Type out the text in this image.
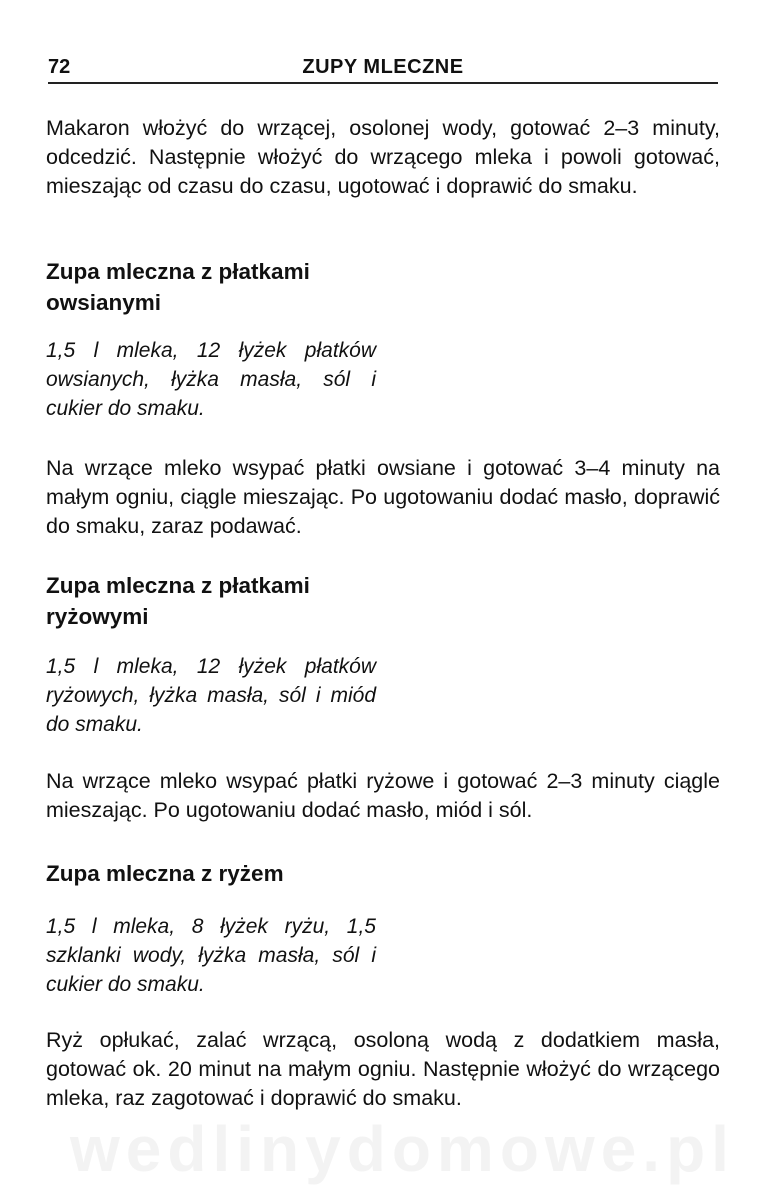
72	ZUPY MLECZNE

Makaron włożyć do wrzącej, osolonej wody, gotować 2–3 minuty, odcedzić. Następnie włożyć do wrzącego mleka i powoli gotować, mieszając od czasu do czasu, ugotować i doprawić do smaku.

Zupa mleczna z płatkami
owsianymi

1,5 l mleka, 12 łyżek płatków owsianych, łyżka masła, sól i cukier do smaku.

Na wrzące mleko wsypać płatki owsiane i gotować 3–4 minuty na małym ogniu, ciągle mieszając. Po ugotowaniu dodać masło, doprawić do smaku, zaraz podawać.

Zupa mleczna z płatkami
ryżowymi

1,5 l mleka, 12 łyżek płatków ryżowych, łyżka masła, sól i miód do smaku.

Na wrzące mleko wsypać płatki ryżowe i gotować 2–3 minuty ciągle mieszając. Po ugotowaniu dodać masło, miód i sól.

Zupa mleczna z ryżem

1,5 l mleka, 8 łyżek ryżu, 1,5 szklanki wody, łyżka masła, sól i cukier do smaku.

Ryż opłukać, zalać wrzącą, osoloną wodą z dodatkiem masła, gotować ok. 20 minut na małym ogniu. Następnie włożyć do wrzącego mleka, raz zagotować i doprawić do smaku.

wedlinydomowe.pl
